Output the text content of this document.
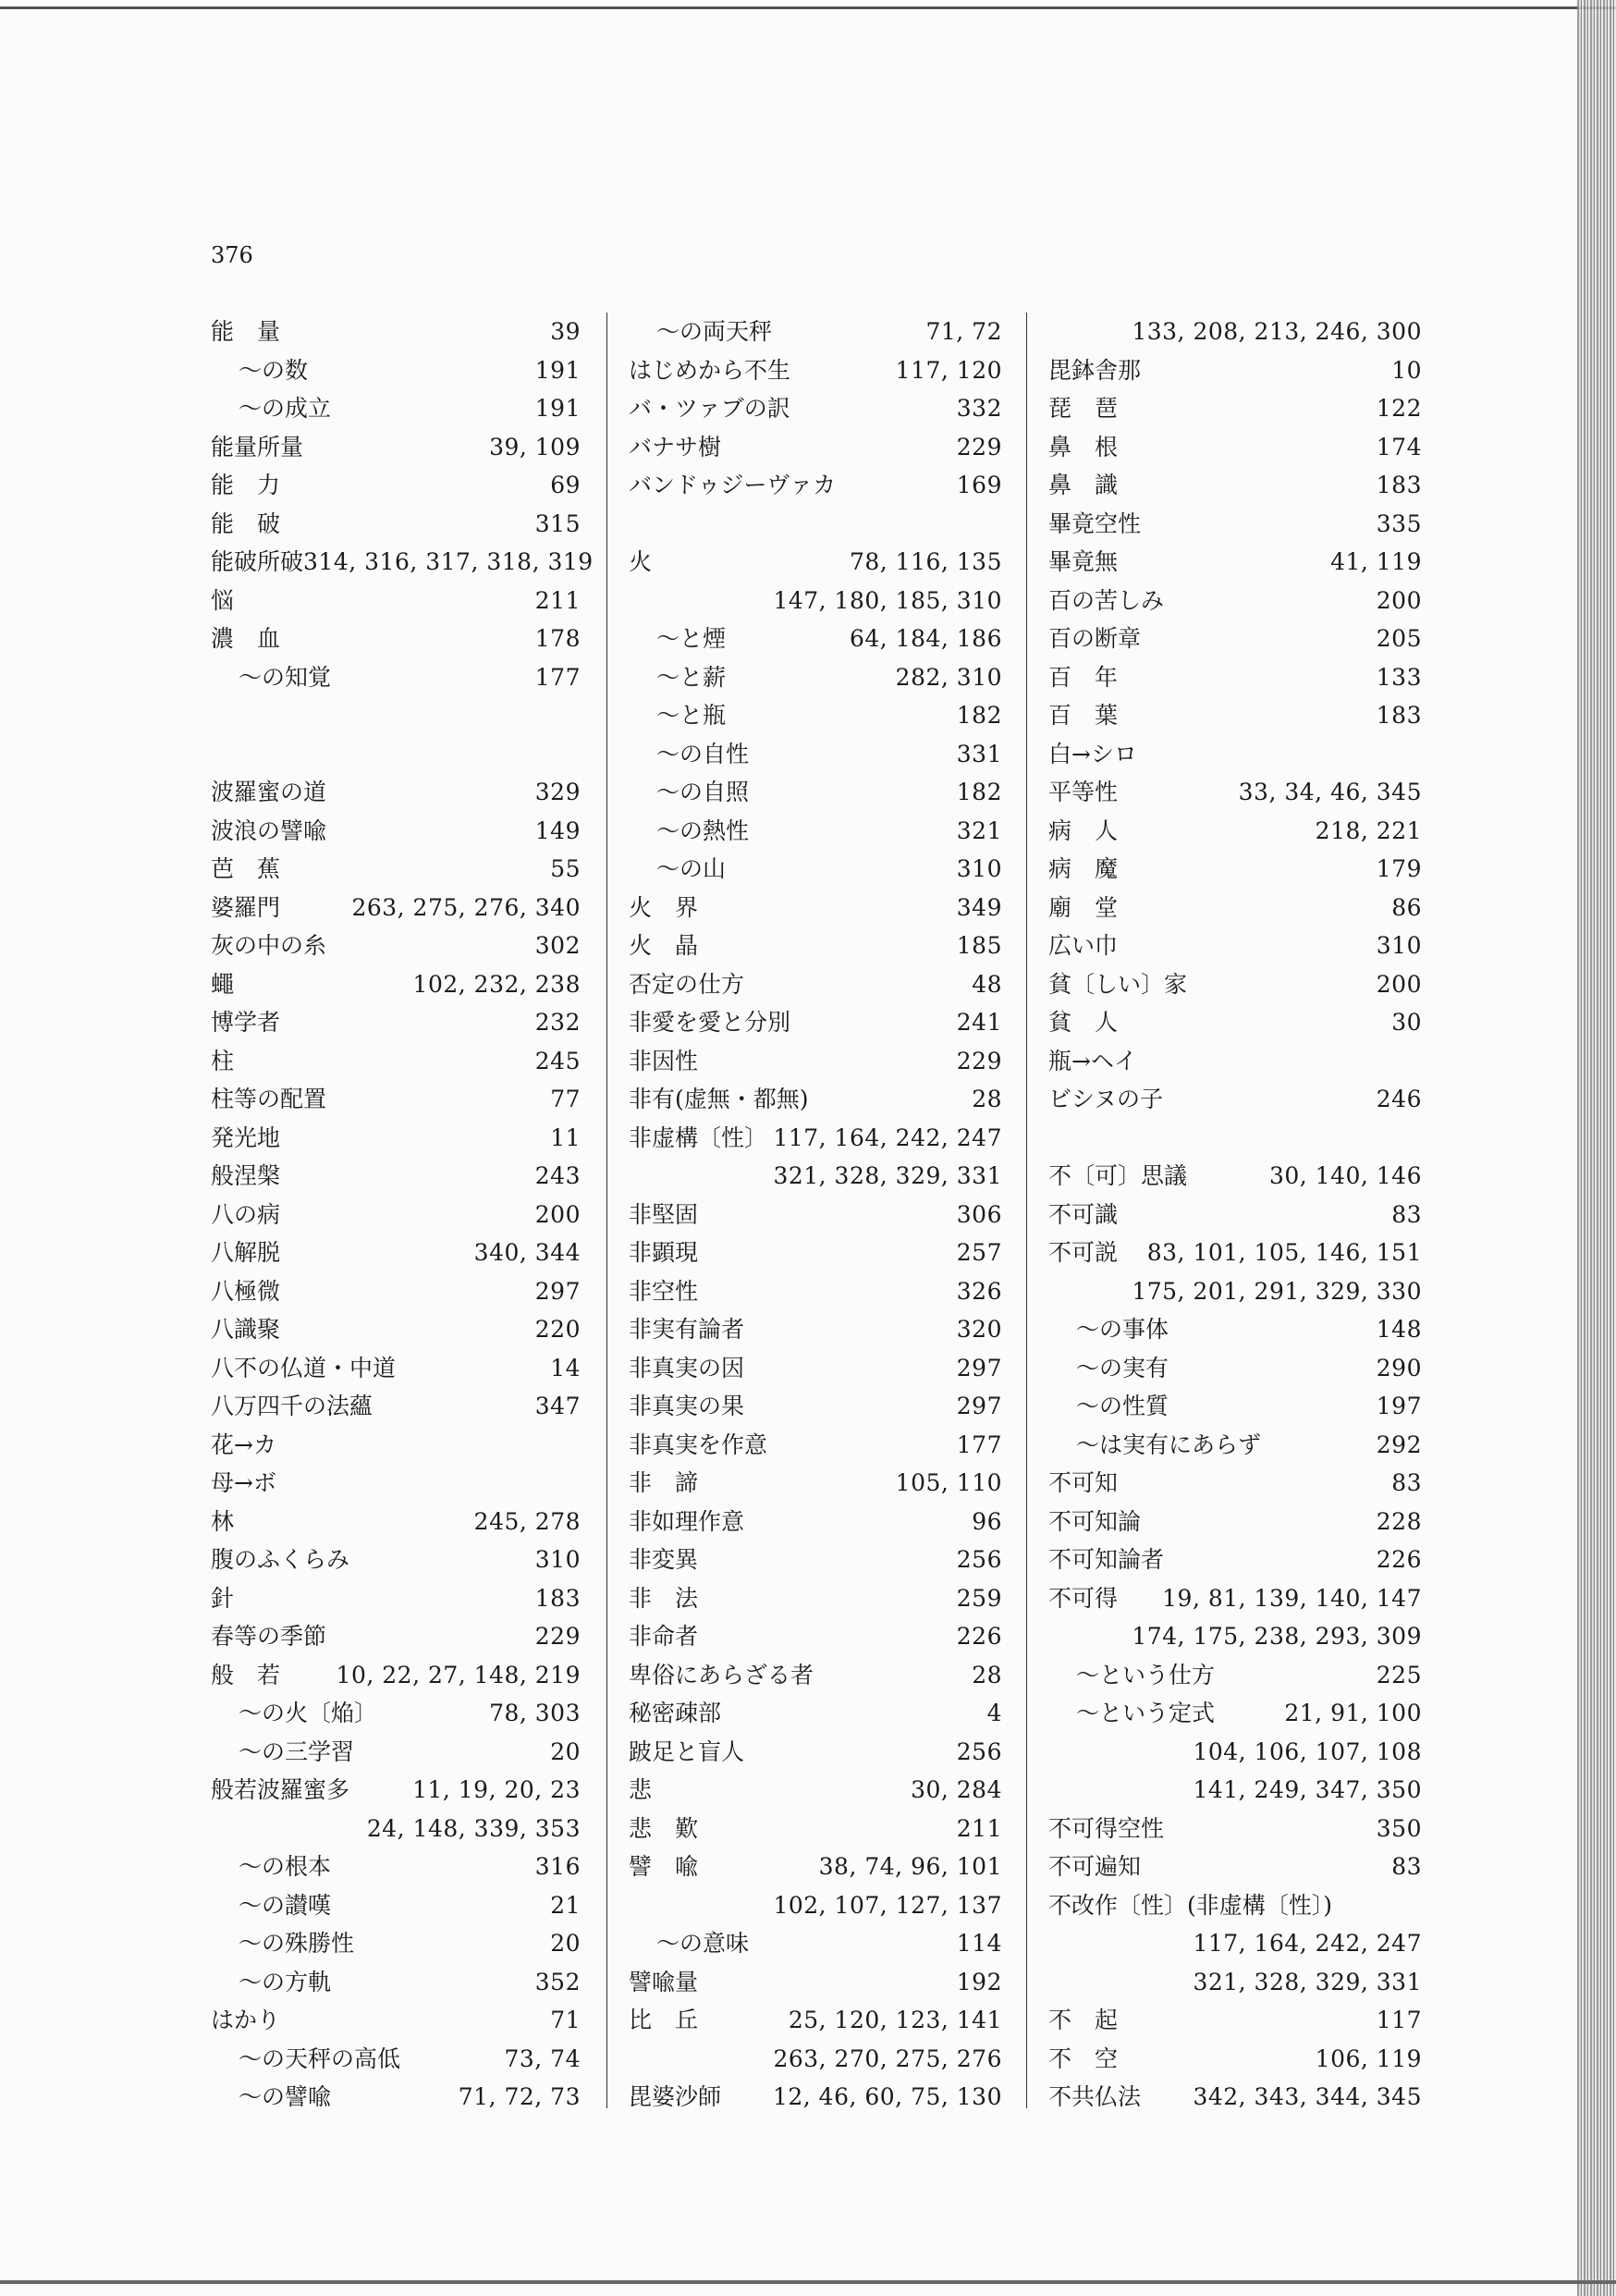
376
能　量	39
～の数	191
～の成立	191
能量所量	39, 109
能　力	69
能　破	315
能破所破 314, 316, 317, 318, 319
悩	211
濃　血	178
～の知覚	177
波羅蜜の道	329
波浪の譬喩	149
芭　蕉	55
婆羅門	263, 275, 276, 340
灰の中の糸	302
蠅	102, 232, 238
博学者	232
柱	245
柱等の配置	77
発光地	11
般涅槃	243
八の病	200
八解脱	340, 344
八極微	297
八識聚	220
八不の仏道・中道	14
八万四千の法蘊	347
花→カ
母→ボ
林	245, 278
腹のふくらみ	310
針	183
春等の季節	229
般　若 10, 22, 27, 148, 219
～の火〔焔〕	78, 303
～の三学習	20
般若波羅蜜多	11, 19, 20, 23
24, 148, 339, 353
～の根本	316
～の讃嘆	21
～の殊勝性	20
～の方軌	352
はかり	71
～の天秤の高低	73, 74
～の譬喩	71, 72, 73
～の両天秤	71, 72
はじめから不生	117, 120
バ・ツァブの訳	332
バナサ樹	229
バンドゥジーヴァカ	169
火	78, 116, 135
147, 180, 185, 310
～と煙	64, 184, 186
～と薪	282, 310
～と瓶	182
～の自性	331
～の自照	182
～の熱性	321
～の山	310
火　界	349
火　晶	185
否定の仕方	48
非愛を愛と分別	241
非因性	229
非有(虚無・都無)	28
非虚構〔性〕 117, 164, 242, 247
321, 328, 329, 331
非堅固	306
非顕現	257
非空性	326
非実有論者	320
非真実の因	297
非真実の果	297
非真実を作意	177
非　諦	105, 110
非如理作意	96
非変異	256
非　法	259
非命者	226
卑俗にあらざる者	28
秘密疎部	4
跛足と盲人	256
悲	30, 284
悲　歎	211
譬　喩	38, 74, 96, 101
102, 107, 127, 137
～の意味	114
譬喩量	192
比　丘	25, 120, 123, 141
263, 270, 275, 276
毘婆沙師 12, 46, 60, 75, 130
133, 208, 213, 246, 300
毘鉢舎那	10
琵　琶	122
鼻　根	174
鼻　識	183
畢竟空性	335
畢竟無	41, 119
百の苦しみ	200
百の断章	205
百　年	133
百　葉	183
白→シロ
平等性	33, 34, 46, 345
病　人	218, 221
病　魔	179
廟　堂	86
広い巾	310
貧〔しい〕家	200
貧　人	30
瓶→ヘイ
ビシヌの子	246
不〔可〕思議	30, 140, 146
不可識	83
不可説 83, 101, 105, 146, 151
175, 201, 291, 329, 330
～の事体	148
～の実有	290
～の性質	197
～は実有にあらず	292
不可知	83
不可知論	228
不可知論者	226
不可得 19, 81, 139, 140, 147
174, 175, 238, 293, 309
～という仕方	225
～という定式	21, 91, 100
104, 106, 107, 108
141, 249, 347, 350
不可得空性	350
不可遍知	83
不改作〔性〕(非虚構〔性〕)
117, 164, 242, 247
321, 328, 329, 331
不　起	117
不　空	106, 119
不共仏法 342, 343, 344, 345
